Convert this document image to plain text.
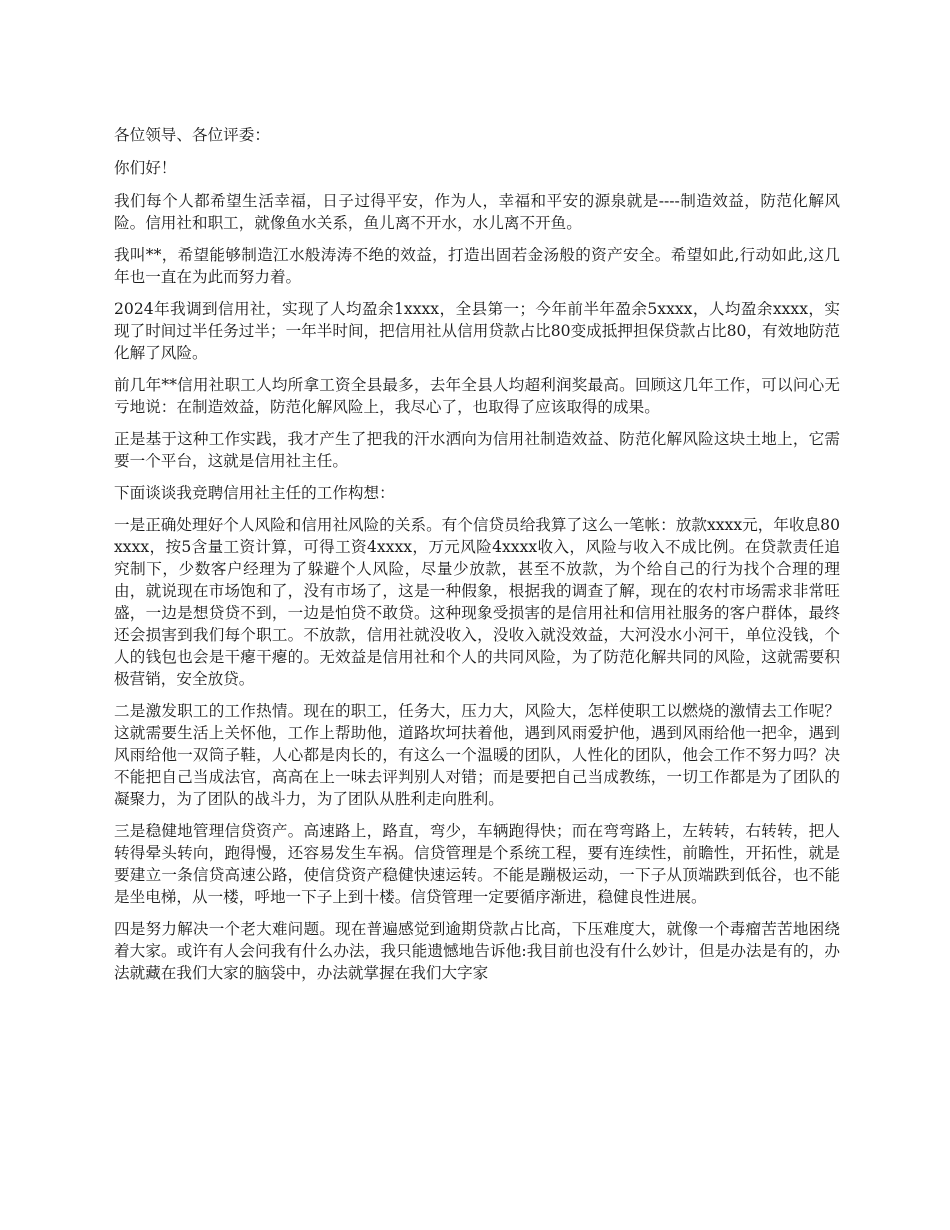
各位领导、各位评委：

你们好！

我们每个人都希望生活幸福，日子过得平安，作为人，幸福和平安的源泉就是----制造效益，防范化解风险。信用社和职工，就像鱼水关系，鱼儿离不开水，水儿离不开鱼。

我叫**，希望能够制造江水般涛涛不绝的效益，打造出固若金汤般的资产安全。希望如此,行动如此,这几年也一直在为此而努力着。

2024年我调到信用社，实现了人均盈余1xxxx，全县第一；今年前半年盈余5xxxx，人均盈余xxxx，实现了时间过半任务过半；一年半时间，把信用社从信用贷款占比80变成抵押担保贷款占比80，有效地防范化解了风险。

前几年**信用社职工人均所拿工资全县最多，去年全县人均超利润奖最高。回顾这几年工作，可以问心无亏地说：在制造效益，防范化解风险上，我尽心了，也取得了应该取得的成果。

正是基于这种工作实践，我才产生了把我的汗水洒向为信用社制造效益、防范化解风险这块土地上，它需要一个平台，这就是信用社主任。

下面谈谈我竞聘信用社主任的工作构想：

一是正确处理好个人风险和信用社风险的关系。有个信贷员给我算了这么一笔帐：放款xxxx元，年收息80xxxx，按5含量工资计算，可得工资4xxxx，万元风险4xxxx收入，风险与收入不成比例。在贷款责任追究制下，少数客户经理为了躲避个人风险，尽量少放款，甚至不放款，为个给自己的行为找个合理的理由，就说现在市场饱和了，没有市场了，这是一种假象，根据我的调查了解，现在的农村市场需求非常旺盛，一边是想贷贷不到，一边是怕贷不敢贷。这种现象受损害的是信用社和信用社服务的客户群体，最终还会损害到我们每个职工。不放款，信用社就没收入，没收入就没效益，大河没水小河干，单位没钱，个人的钱包也会是干瘪干瘪的。无效益是信用社和个人的共同风险，为了防范化解共同的风险，这就需要积极营销，安全放贷。

二是激发职工的工作热情。现在的职工，任务大，压力大，风险大，怎样使职工以燃烧的激情去工作呢？这就需要生活上关怀他，工作上帮助他，道路坎坷扶着他，遇到风雨爱护他，遇到风雨给他一把伞，遇到风雨给他一双筒子鞋，人心都是肉长的，有这么一个温暖的团队，人性化的团队，他会工作不努力吗？决不能把自己当成法官，高高在上一味去评判别人对错；而是要把自己当成教练，一切工作都是为了团队的凝聚力，为了团队的战斗力，为了团队从胜利走向胜利。

三是稳健地管理信贷资产。高速路上，路直，弯少，车辆跑得快；而在弯弯路上，左转转，右转转，把人转得晕头转向，跑得慢，还容易发生车祸。信贷管理是个系统工程，要有连续性，前瞻性，开拓性，就是要建立一条信贷高速公路，使信贷资产稳健快速运转。不能是蹦极运动，一下子从顶端跌到低谷，也不能是坐电梯，从一楼，呼地一下子上到十楼。信贷管理一定要循序渐进，稳健良性进展。

四是努力解决一个老大难问题。现在普遍感觉到逾期贷款占比高，下压难度大，就像一个毒瘤苦苦地困绕着大家。或许有人会问我有什么办法，我只能遗憾地告诉他:我目前也没有什么妙计，但是办法是有的，办法就藏在我们大家的脑袋中，办法就掌握在我们大字家
